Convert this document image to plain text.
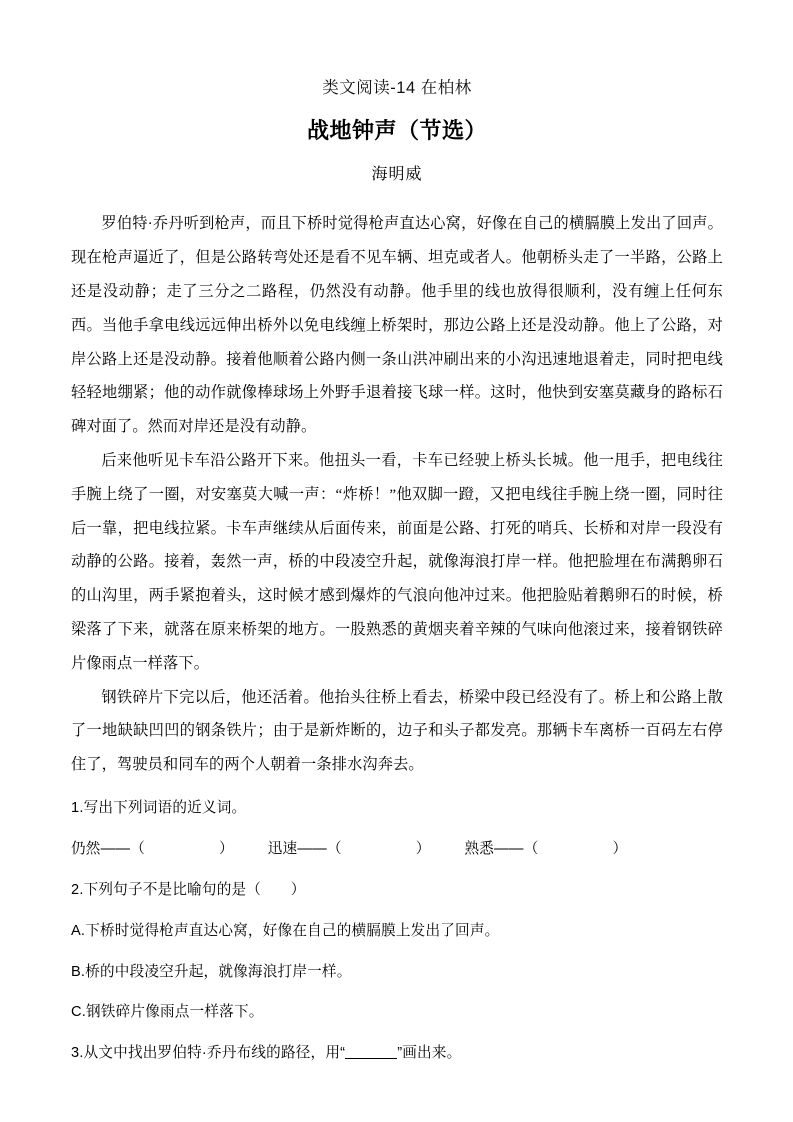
类文阅读-14 在柏林
战地钟声（节选）
海明威

罗伯特·乔丹听到枪声，而且下桥时觉得枪声直达心窝，好像在自己的横膈膜上发出了回声。现在枪声逼近了，但是公路转弯处还是看不见车辆、坦克或者人。他朝桥头走了一半路，公路上还是没动静；走了三分之二路程，仍然没有动静。他手里的线也放得很顺利，没有缠上任何东西。当他手拿电线远远伸出桥外以免电线缠上桥架时，那边公路上还是没动静。他上了公路，对岸公路上还是没动静。接着他顺着公路内侧一条山洪冲刷出来的小沟迅速地退着走，同时把电线轻轻地绷紧；他的动作就像棒球场上外野手退着接飞球一样。这时，他快到安塞莫藏身的路标石碑对面了。然而对岸还是没有动静。

后来他听见卡车沿公路开下来。他扭头一看，卡车已经驶上桥头长城。他一甩手，把电线往手腕上绕了一圈，对安塞莫大喊一声：“炸桥！”他双脚一蹬，又把电线往手腕上绕一圈，同时往后一靠，把电线拉紧。卡车声继续从后面传来，前面是公路、打死的哨兵、长桥和对岸一段没有动静的公路。接着，轰然一声，桥的中段凌空升起，就像海浪打岸一样。他把脸埋在布满鹅卵石的山沟里，两手紧抱着头，这时候才感到爆炸的气浪向他冲过来。他把脸贴着鹅卵石的时候，桥梁落了下来，就落在原来桥架的地方。一股熟悉的黄烟夹着辛辣的气味向他滚过来，接着钢铁碎片像雨点一样落下。

钢铁碎片下完以后，他还活着。他抬头往桥上看去，桥梁中段已经没有了。桥上和公路上散了一地缺缺凹凹的钢条铁片；由于是新炸断的，边子和头子都发亮。那辆卡车离桥一百码左右停住了，驾驶员和同车的两个人朝着一条排水沟奔去。

1.写出下列词语的近义词。
仍然——（　　　　　） 迅速——（　　　　　） 熟悉——（　　　　　）
2.下列句子不是比喻句的是（　　）
A.下桥时觉得枪声直达心窝，好像在自己的横膈膜上发出了回声。
B.桥的中段凌空升起，就像海浪打岸一样。
C.钢铁碎片像雨点一样落下。
3.从文中找出罗伯特·乔丹布线的路径，用“	”画出来。
